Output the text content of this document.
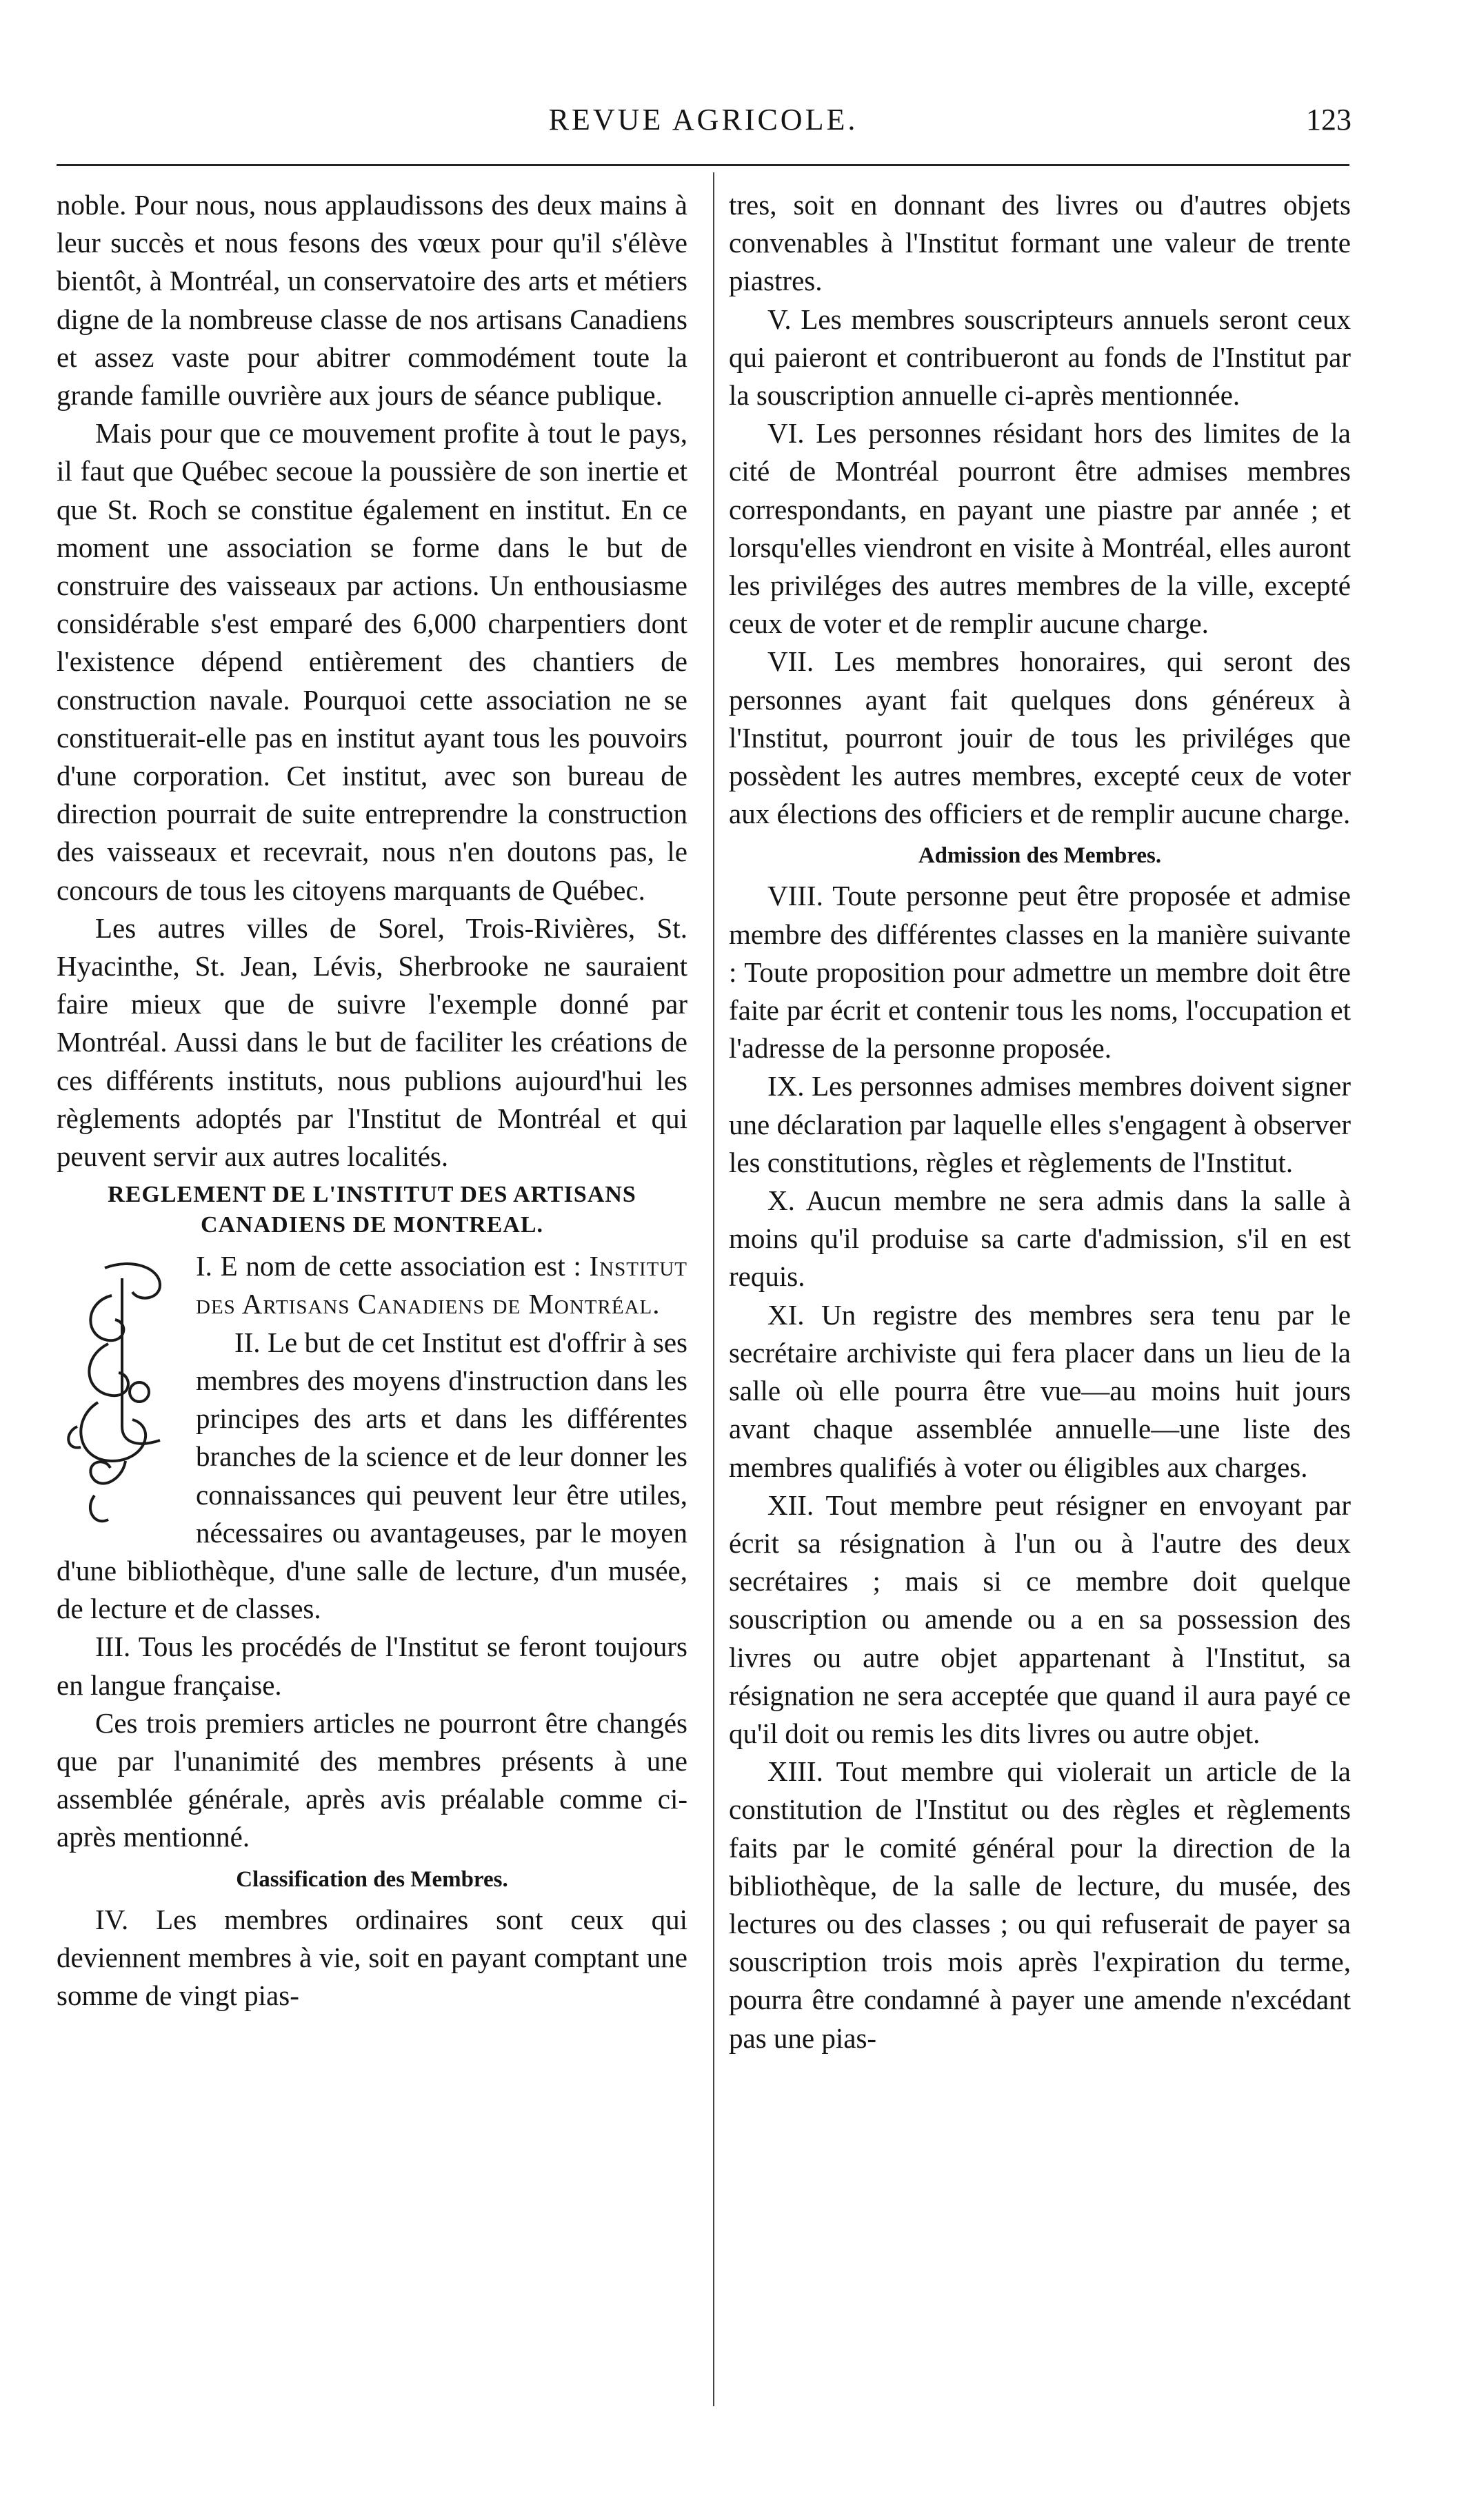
REVUE AGRICOLE.	123

noble. Pour nous, nous applaudissons des deux mains à leur succès et nous fesons des vœux pour qu'il s'élève bientôt, à Montréal, un conservatoire des arts et métiers digne de la nombreuse classe de nos artisans Canadiens et assez vaste pour abitrer commodément toute la grande famille ouvrière aux jours de séance publique.

Mais pour que ce mouvement profite à tout le pays, il faut que Québec secoue la poussière de son inertie et que St. Roch se constitue également en institut. En ce moment une association se forme dans le but de construire des vaisseaux par actions. Un enthousiasme considérable s'est emparé des 6,000 charpentiers dont l'existence dépend entièrement des chantiers de construction navale. Pourquoi cette association ne se constituerait-elle pas en institut ayant tous les pouvoirs d'une corporation. Cet institut, avec son bureau de direction pourrait de suite entreprendre la construction des vaisseaux et recevrait, nous n'en doutons pas, le concours de tous les citoyens marquants de Québec.

Les autres villes de Sorel, Trois-Rivières, St. Hyacinthe, St. Jean, Lévis, Sherbrooke ne sauraient faire mieux que de suivre l'exemple donné par Montréal. Aussi dans le but de faciliter les créations de ces différents instituts, nous publions aujourd'hui les règlements adoptés par l'Institut de Montréal et qui peuvent servir aux autres localités.

REGLEMENT DE L'INSTITUT DES ARTISANS CANADIENS DE MONTREAL.

I. E nom de cette association est : Institut des Artisans Canadiens de Montréal.

II. Le but de cet Institut est d'offrir à ses membres des moyens d'instruction dans les principes des arts et dans les différentes branches de la science et de leur donner les connaissances qui peuvent leur être utiles, nécessaires ou avantageuses, par le moyen d'une bibliothèque, d'une salle de lecture, d'un musée, de lecture et de classes.

III. Tous les procédés de l'Institut se feront toujours en langue française.

Ces trois premiers articles ne pourront être changés que par l'unanimité des membres présents à une assemblée générale, après avis préalable comme ci-après mentionné.

Classification des Membres.

IV. Les membres ordinaires sont ceux qui deviennent membres à vie, soit en payant comptant une somme de vingt pias-

tres, soit en donnant des livres ou d'autres objets convenables à l'Institut formant une valeur de trente piastres.

V. Les membres souscripteurs annuels seront ceux qui paieront et contribueront au fonds de l'Institut par la souscription annuelle ci-après mentionnée.

VI. Les personnes résidant hors des limites de la cité de Montréal pourront être admises membres correspondants, en payant une piastre par année ; et lorsqu'elles viendront en visite à Montréal, elles auront les priviléges des autres membres de la ville, excepté ceux de voter et de remplir aucune charge.

VII. Les membres honoraires, qui seront des personnes ayant fait quelques dons généreux à l'Institut, pourront jouir de tous les priviléges que possèdent les autres membres, excepté ceux de voter aux élections des officiers et de remplir aucune charge.

Admission des Membres.

VIII. Toute personne peut être proposée et admise membre des différentes classes en la manière suivante : Toute proposition pour admettre un membre doit être faite par écrit et contenir tous les noms, l'occupation et l'adresse de la personne proposée.

IX. Les personnes admises membres doivent signer une déclaration par laquelle elles s'engagent à observer les constitutions, règles et règlements de l'Institut.

X. Aucun membre ne sera admis dans la salle à moins qu'il produise sa carte d'admission, s'il en est requis.

XI. Un registre des membres sera tenu par le secrétaire archiviste qui fera placer dans un lieu de la salle où elle pourra être vue—au moins huit jours avant chaque assemblée annuelle—une liste des membres qualifiés à voter ou éligibles aux charges.

XII. Tout membre peut résigner en envoyant par écrit sa résignation à l'un ou à l'autre des deux secrétaires ; mais si ce membre doit quelque souscription ou amende ou a en sa possession des livres ou autre objet appartenant à l'Institut, sa résignation ne sera acceptée que quand il aura payé ce qu'il doit ou remis les dits livres ou autre objet.

XIII. Tout membre qui violerait un article de la constitution de l'Institut ou des règles et règlements faits par le comité général pour la direction de la bibliothèque, de la salle de lecture, du musée, des lectures ou des classes ; ou qui refuserait de payer sa souscription trois mois après l'expiration du terme, pourra être condamné à payer une amende n'excédant pas une pias-
